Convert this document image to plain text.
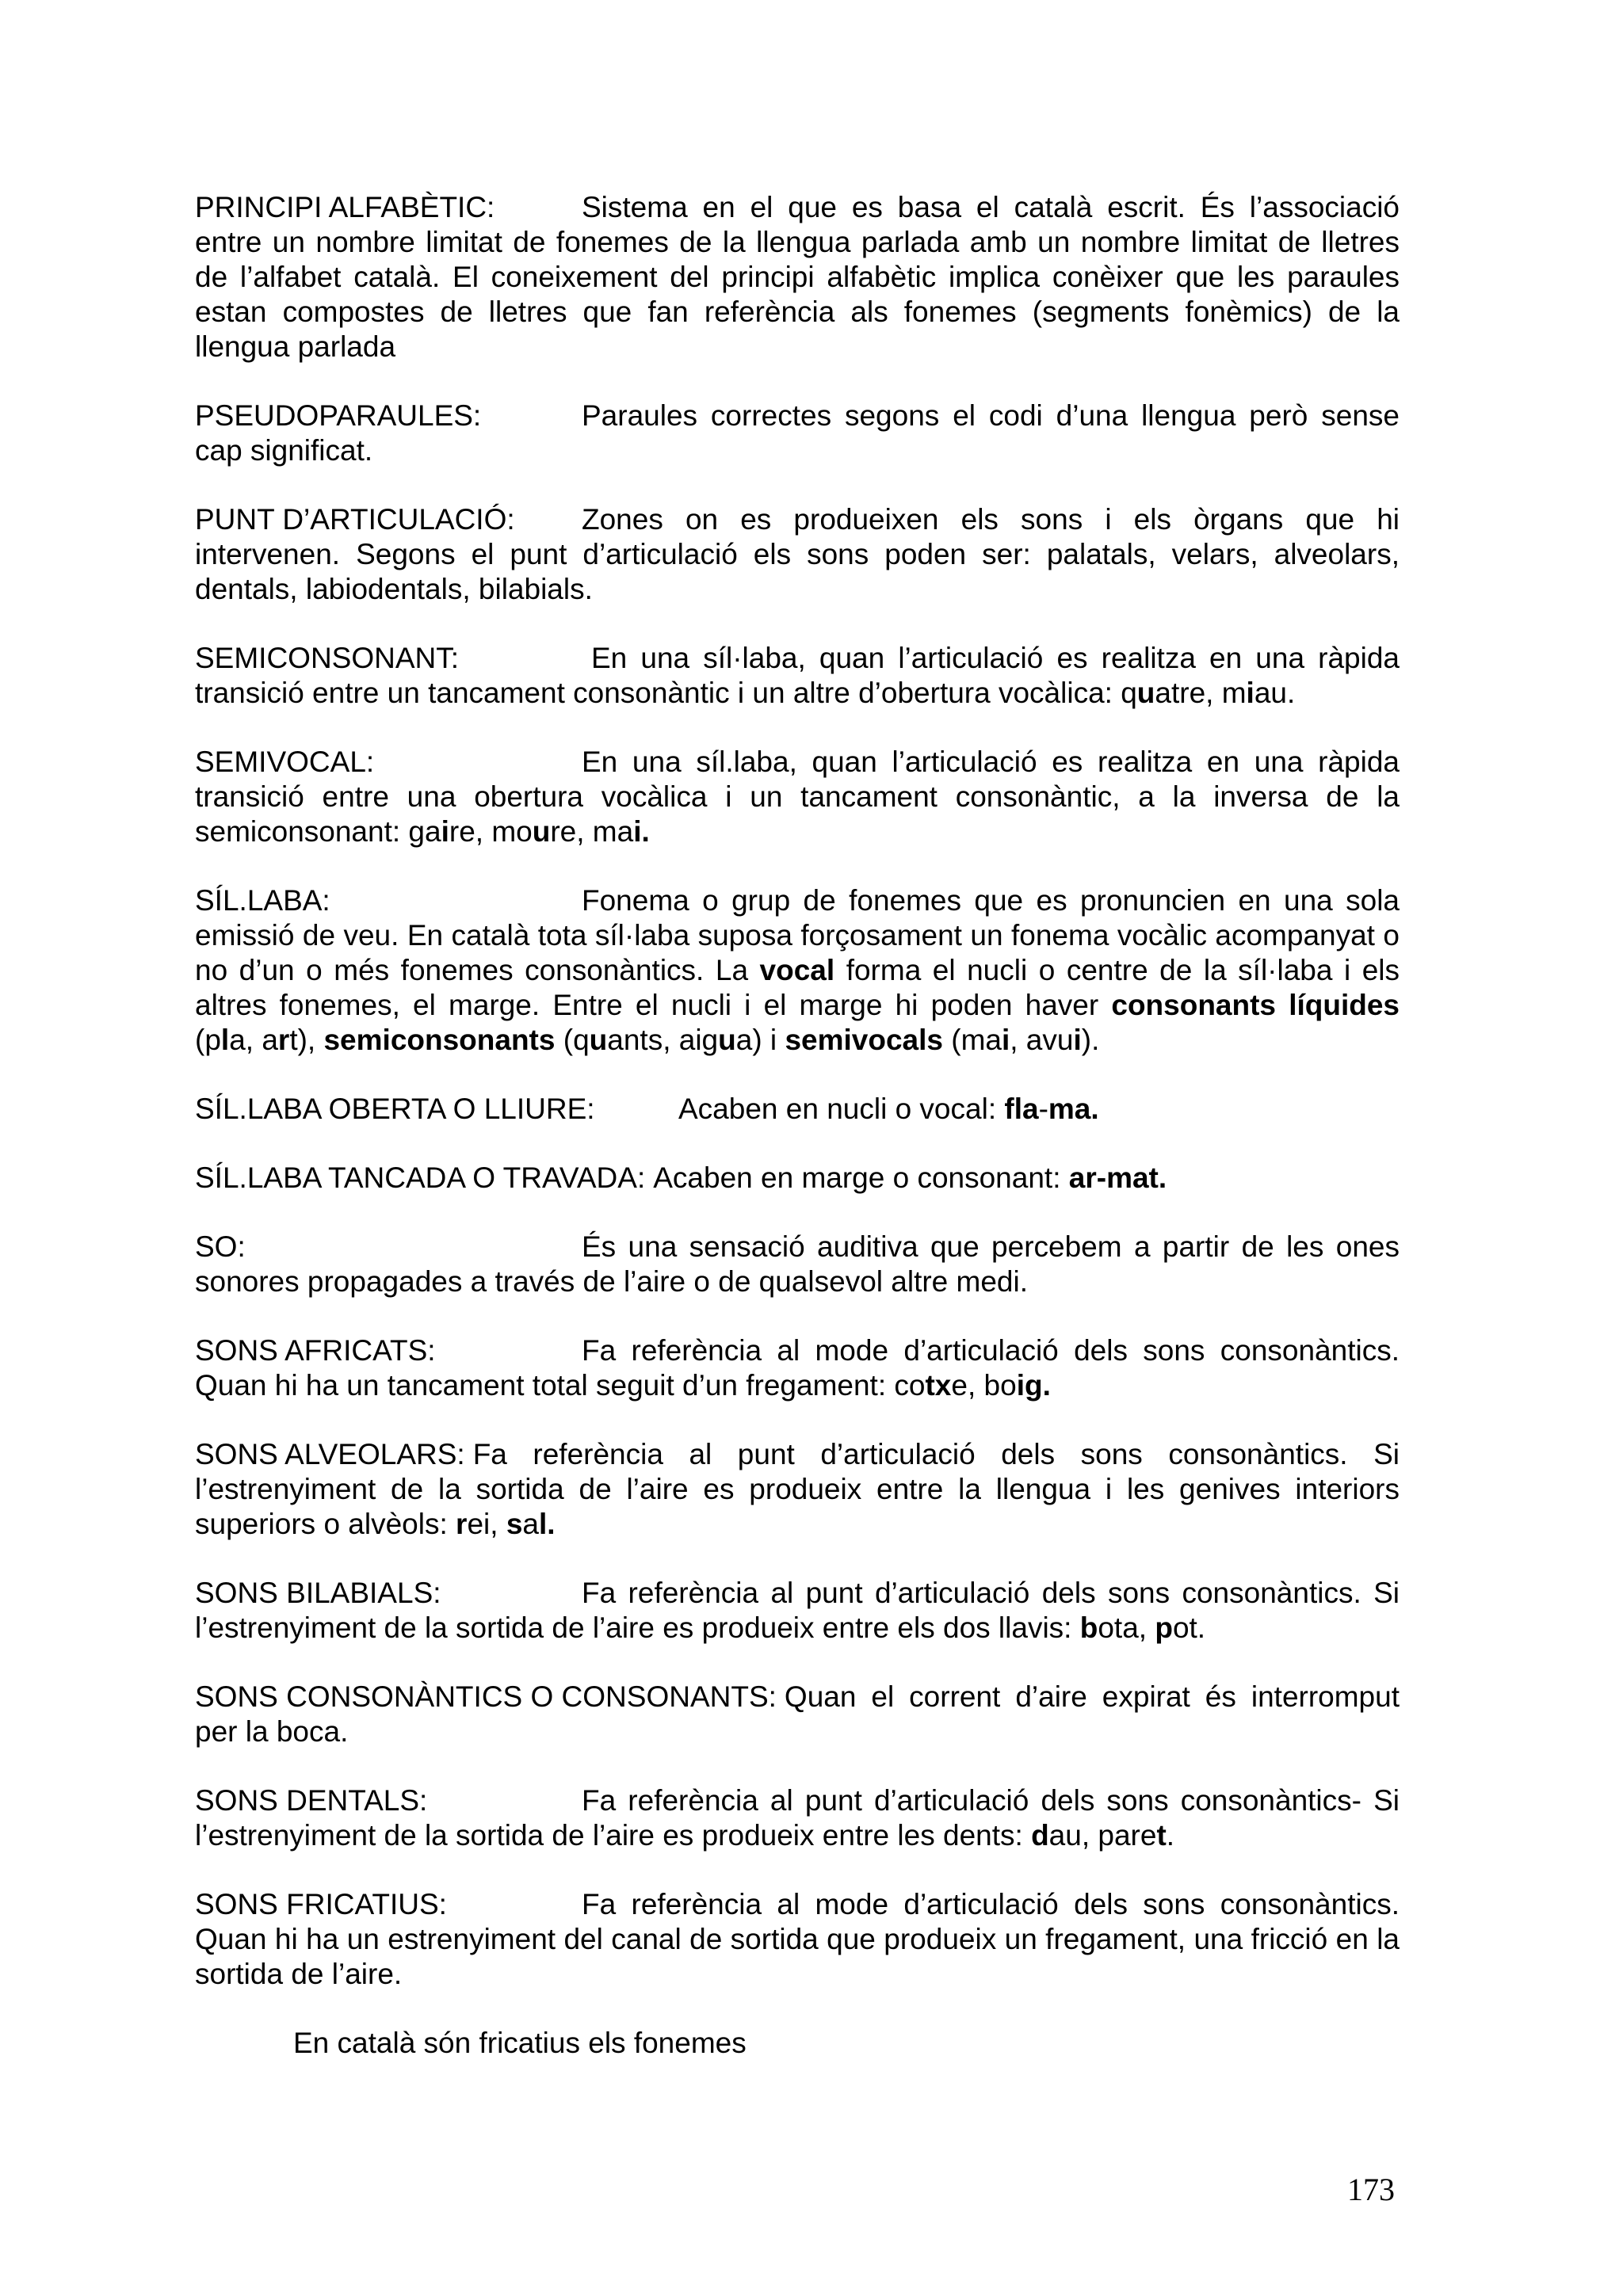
PRINCIPI ALFABÈTIC:	Sistema en el que es basa el català escrit. És l’associació entre un nombre limitat de fonemes de la llengua parlada amb un nombre limitat de lletres de l’alfabet català. El coneixement del principi alfabètic implica conèixer que les paraules estan compostes de lletres que fan referència als fonemes (segments fonèmics) de la llengua parlada
PSEUDOPARAULES:	Paraules correctes segons el codi d’una llengua però sense cap significat.
PUNT D’ARTICULACIÓ: Zones on es produeixen els sons i els òrgans que hi intervenen. Segons el punt d’articulació els sons poden ser: palatals, velars, alveolars, dentals, labiodentals, bilabials.
SEMICONSONANT:	En una síl·laba, quan l’articulació es realitza en una ràpida transició entre un tancament consonàntic i un altre d’obertura vocàlica: quatre, miau.
SEMIVOCAL:	En una síl.laba, quan l’articulació es realitza en una ràpida transició entre una obertura vocàlica i un tancament consonàntic, a la inversa de la semiconsonant: gaire, moure, mai.
SÍL.LABA:	Fonema o grup de fonemes que es pronuncien en una sola emissió de veu. En català tota síl·laba suposa forçosament un fonema vocàlic acompanyat o no d’un o més fonemes consonàntics. La vocal forma el nucli o centre de la síl·laba i els altres fonemes, el marge. Entre el nucli i el marge hi poden haver consonants líquides (pla, art), semiconsonants (quants, aigua) i semivocals (mai, avui).
SÍL.LABA OBERTA O LLIURE:	Acaben en nucli o vocal: fla-ma.
SÍL.LABA TANCADA O TRAVADA: Acaben en marge o consonant: ar-mat.
SO:	És una sensació auditiva que percebem a partir de les ones sonores propagades a través de l’aire o de qualsevol altre medi.
SONS AFRICATS:	Fa referència al mode d’articulació dels sons consonàntics. Quan hi ha un tancament total seguit d’un fregament: cotxe, boig.
SONS ALVEOLARS: Fa referència al punt d’articulació dels sons consonàntics. Si l’estrenyiment de la sortida de l’aire es produeix entre la llengua i les genives interiors superiors o alvèols: rei, sal.
SONS BILABIALS:	Fa referència al punt d’articulació dels sons consonàntics. Si l’estrenyiment de la sortida de l’aire es produeix entre els dos llavis: bota, pot.
SONS CONSONÀNTICS O CONSONANTS: Quan el corrent d’aire expirat és interromput per la boca.
SONS DENTALS:	Fa referència al punt d’articulació dels sons consonàntics- Si l’estrenyiment de la sortida de l’aire es produeix entre les dents: dau, paret.
SONS FRICATIUS:	Fa referència al mode d’articulació dels sons consonàntics. Quan hi ha un estrenyiment del canal de sortida que produeix un fregament, una fricció en la sortida de l’aire.
En català són fricatius els fonemes
173
